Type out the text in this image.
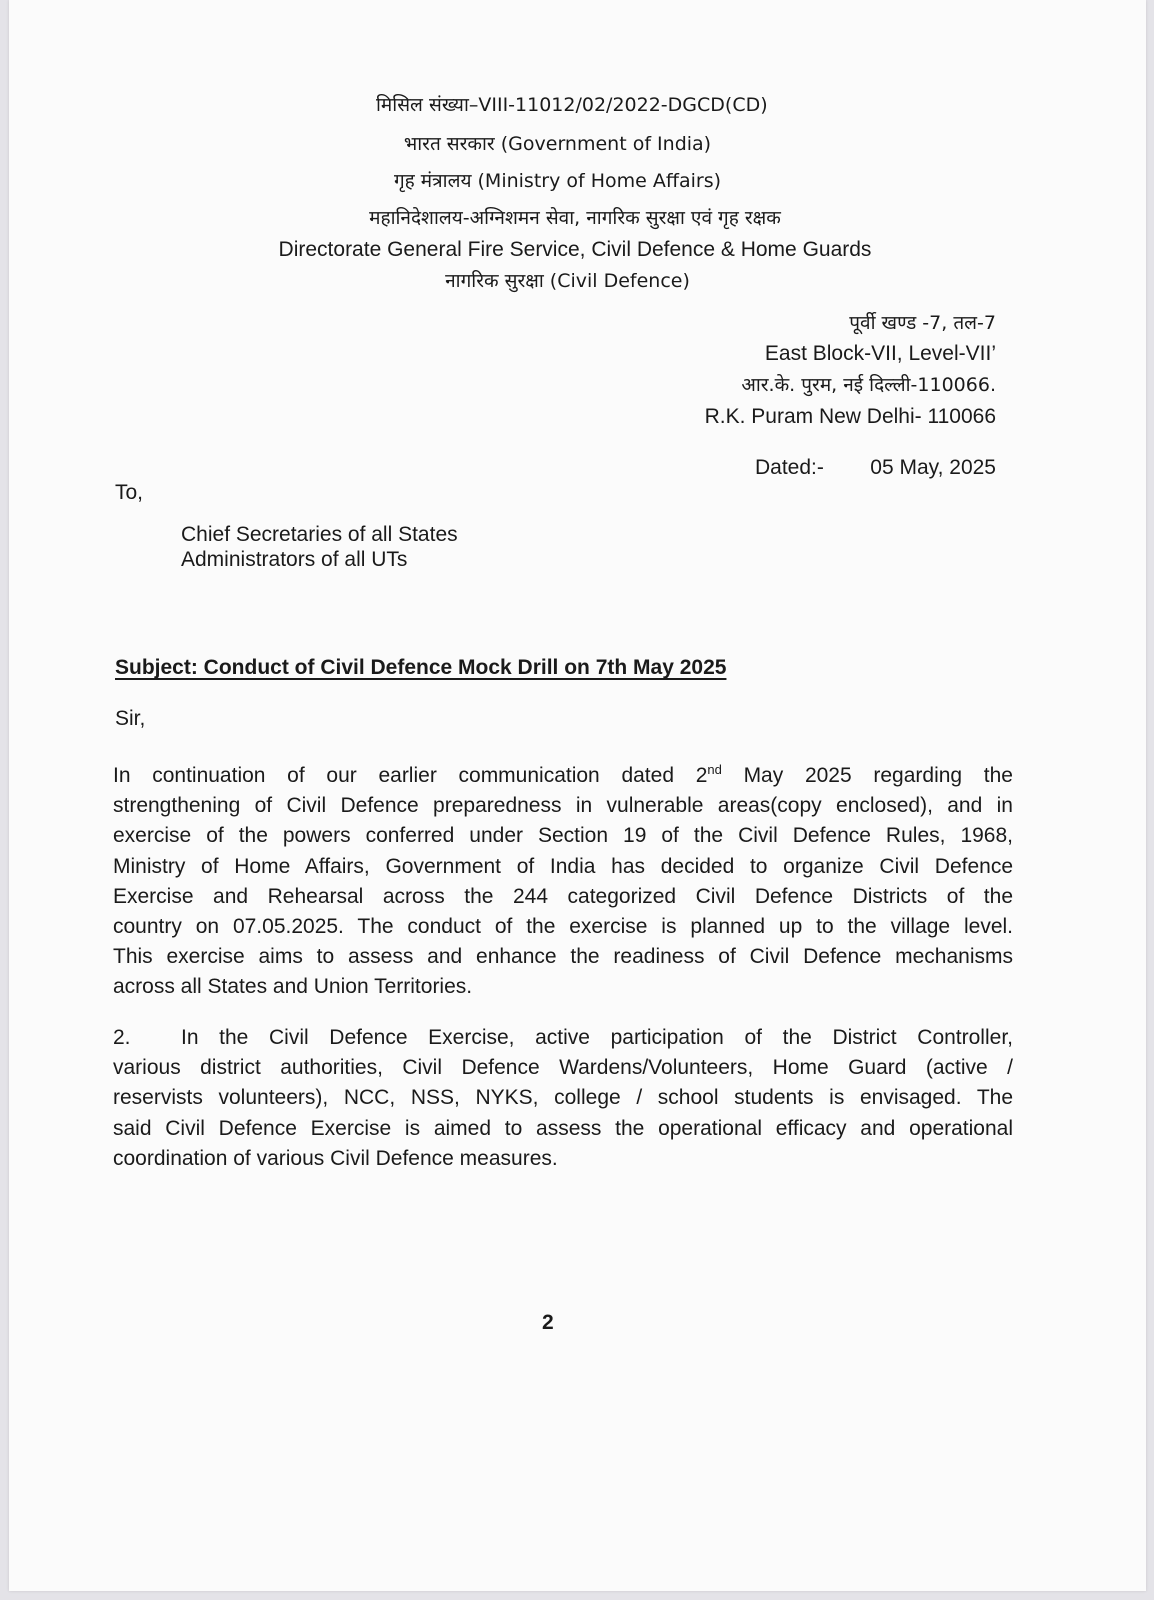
मिसिल संख्या–VIII-11012/02/2022-DGCD(CD)
भारत सरकार (Government of India)
गृह मंत्रालय (Ministry of Home Affairs)
महानिदेशालय-अग्निशमन सेवा, नागरिक सुरक्षा एवं गृह रक्षक
Directorate General Fire Service, Civil Defence & Home Guards
नागरिक सुरक्षा (Civil Defence)
पूर्वी खण्ड -7, तल-7
East Block-VII, Level-VII’
आर.के. पुरम, नई दिल्ली-110066.
R.K. Puram New Delhi- 110066
Dated:- 05 May, 2025
To,
Chief Secretaries of all States
Administrators of all UTs
Subject: Conduct of Civil Defence Mock Drill on 7th May 2025
Sir,
In continuation of our earlier communication dated 2nd May 2025 regarding the
strengthening of Civil Defence preparedness in vulnerable areas(copy enclosed), and in
exercise of the powers conferred under Section 19 of the Civil Defence Rules, 1968,
Ministry of Home Affairs, Government of India has decided to organize Civil Defence
Exercise and Rehearsal across the 244 categorized Civil Defence Districts of the
country on 07.05.2025. The conduct of the exercise is planned up to the village level.
This exercise aims to assess and enhance the readiness of Civil Defence mechanisms
across all States and Union Territories.
2. In the Civil Defence Exercise, active participation of the District Controller,
various district authorities, Civil Defence Wardens/Volunteers, Home Guard (active /
reservists volunteers), NCC, NSS, NYKS, college / school students is envisaged. The
said Civil Defence Exercise is aimed to assess the operational efficacy and operational
coordination of various Civil Defence measures.
2
